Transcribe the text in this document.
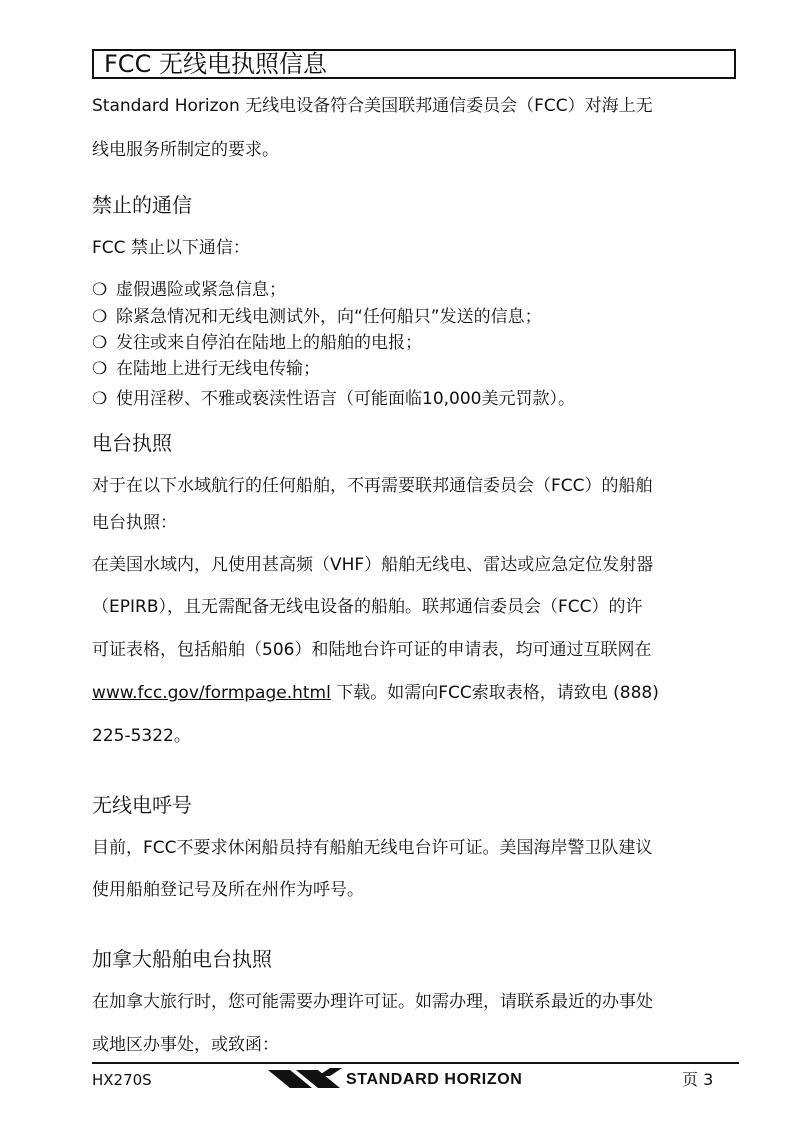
FCC 无线电执照信息
Standard Horizon 无线电设备符合美国联邦通信委员会（FCC）对海上无
线电服务所制定的要求。
禁止的通信
FCC 禁止以下通信：
❍ 虚假遇险或紧急信息；
❍ 除紧急情况和无线电测试外，向“任何船只”发送的信息；
❍ 发往或来自停泊在陆地上的船舶的电报；
❍ 在陆地上进行无线电传输；
❍ 使用淫秽、不雅或亵渎性语言（可能面临10,000美元罚款）。
电台执照
对于在以下水域航行的任何船舶，不再需要联邦通信委员会（FCC）的船舶
电台执照：
在美国水域内，凡使用甚高频（VHF）船舶无线电、雷达或应急定位发射器
（EPIRB），且无需配备无线电设备的船舶。联邦通信委员会（FCC）的许
可证表格，包括船舶（506）和陆地台许可证的申请表，均可通过互联网在
www.fcc.gov/formpage.html 下载。如需向FCC索取表格，请致电 (888)
225-5322。
无线电呼号
目前，FCC不要求休闲船员持有船舶无线电台许可证。美国海岸警卫队建议
使用船舶登记号及所在州作为呼号。
加拿大船舶电台执照
在加拿大旅行时，您可能需要办理许可证。如需办理，请联系最近的办事处
或地区办事处，或致函：
HX270S	STANDARD HORIZON	页 3
